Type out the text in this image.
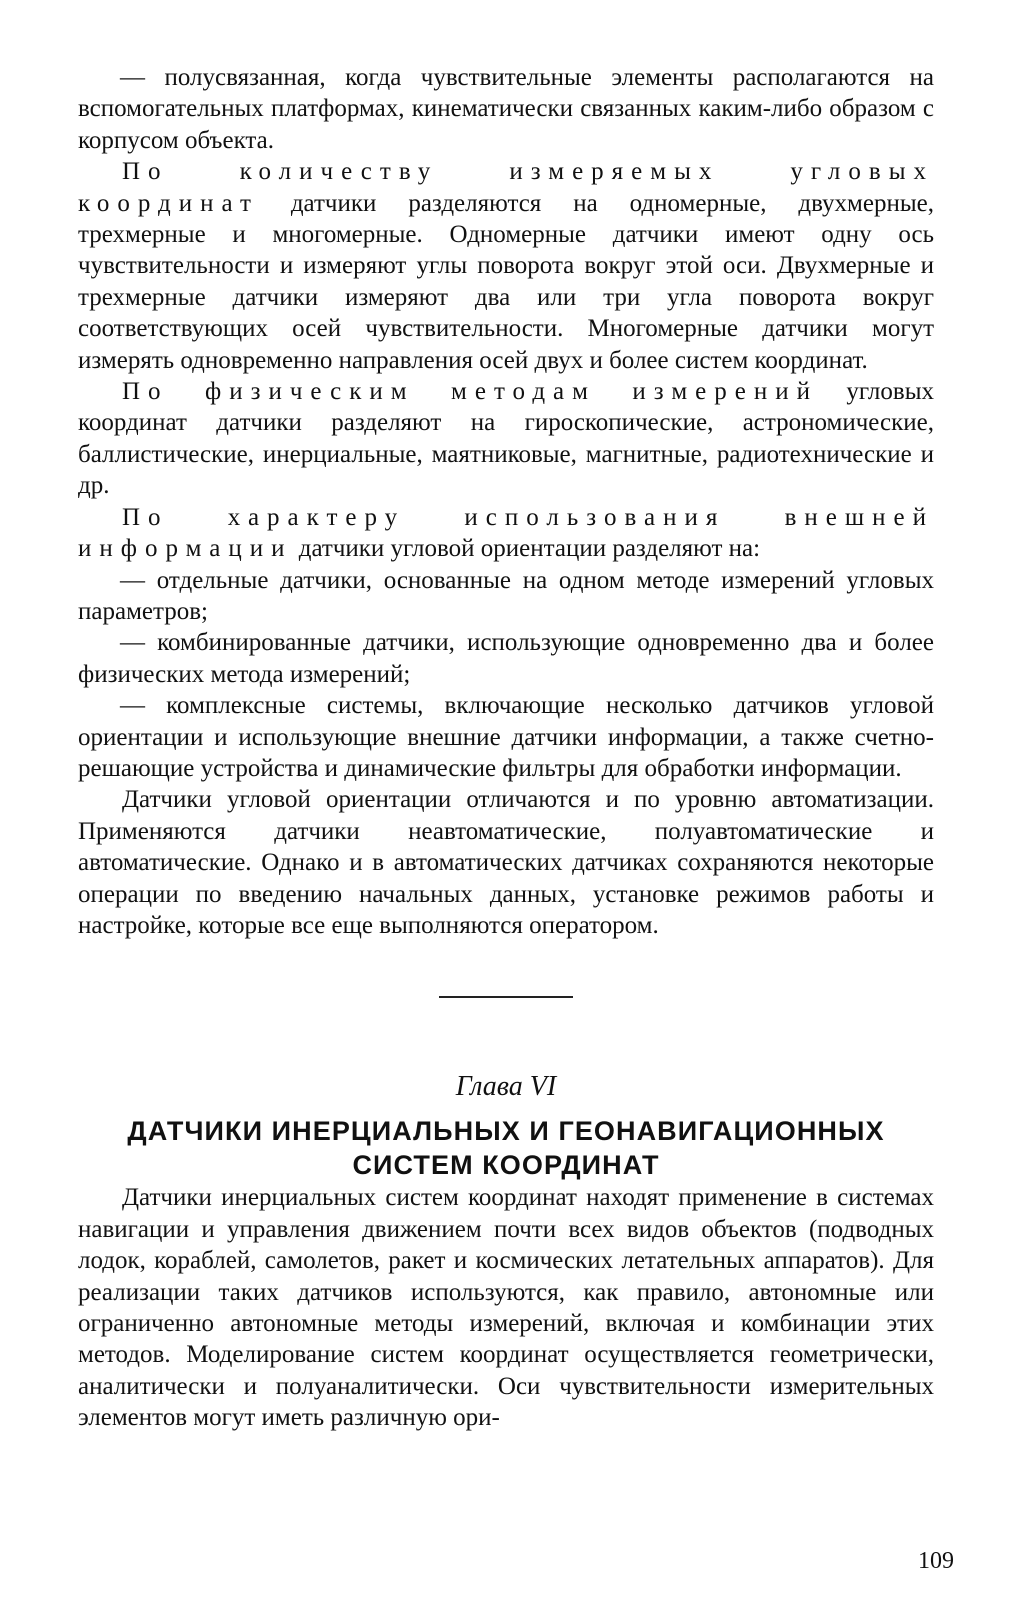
— полусвязанная, когда чувствительные элементы располагаются на вспомогательных платформах, кинематически связанных каким-либо образом с корпусом объекта.

По количеству измеряемых угловых координат датчики разделяются на одномерные, двухмерные, трехмерные и многомерные. Одномерные датчики имеют одну ось чувствительности и измеряют углы поворота вокруг этой оси. Двухмерные и трехмерные датчики измеряют два или три угла поворота вокруг соответствующих осей чувствительности. Многомерные датчики могут измерять одновременно направления осей двух и более систем координат.

По физическим методам измерений угловых координат датчики разделяют на гироскопические, астрономические, баллистические, инерциальные, маятниковые, магнитные, радиотехнические и др.

По характеру использования внешней информации датчики угловой ориентации разделяют на:

— отдельные датчики, основанные на одном методе измерений угловых параметров;

— комбинированные датчики, использующие одновременно два и более физических метода измерений;

— комплексные системы, включающие несколько датчиков угловой ориентации и использующие внешние датчики информации, а также счетно-решающие устройства и динамические фильтры для обработки информации.

Датчики угловой ориентации отличаются и по уровню автоматизации. Применяются датчики неавтоматические, полуавтоматические и автоматические. Однако и в автоматических датчиках сохраняются некоторые операции по введению начальных данных, установке режимов работы и настройке, которые все еще выполняются оператором.

Глава VI
ДАТЧИКИ ИНЕРЦИАЛЬНЫХ И ГЕОНАВИГАЦИОННЫХ
СИСТЕМ КООРДИНАТ

Датчики инерциальных систем координат находят применение в системах навигации и управления движением почти всех видов объектов (подводных лодок, кораблей, самолетов, ракет и космических летательных аппаратов). Для реализации таких датчиков используются, как правило, автономные или ограниченно автономные методы измерений, включая и комбинации этих методов. Моделирование систем координат осуществляется геометрически, аналитически и полуаналитически. Оси чувствительности измерительных элементов могут иметь различную ори-

109
